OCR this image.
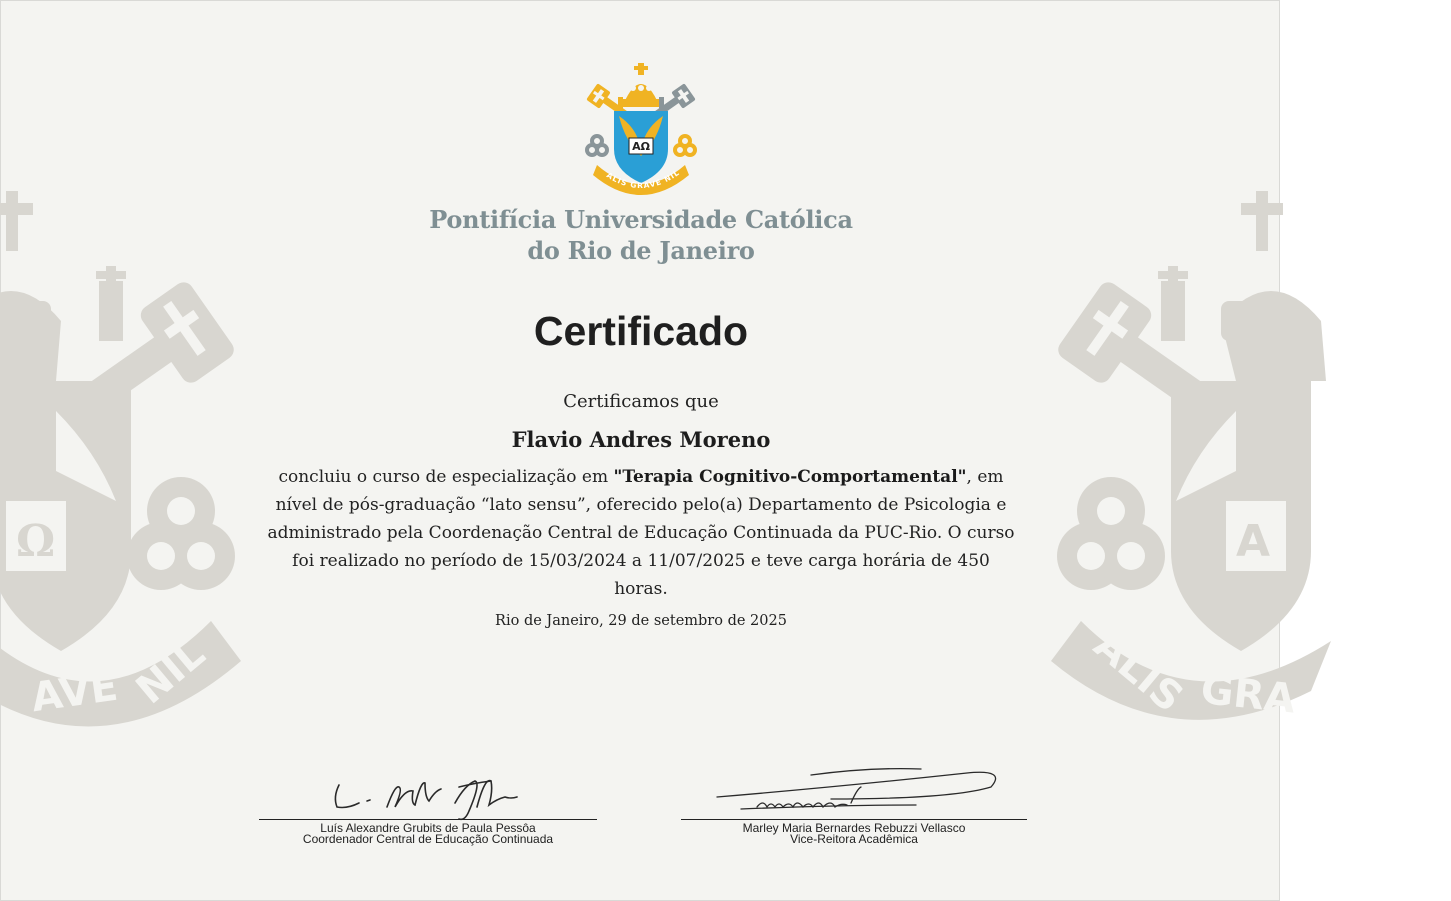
Ω
AVE NIL
A
ALIS GRA
AΩ
ALIS GRAVE NIL
Pontifícia Universidade Católica
do Rio de Janeiro
Certificado
Certificamos que
Flavio Andres Moreno
concluiu o curso de especialização em "Terapia Cognitivo-Comportamental", em nível de pós-graduação “lato sensu”, oferecido pelo(a) Departamento de Psicologia e administrado pela Coordenação Central de Educação Continuada da PUC-Rio. O curso foi realizado no período de 15/03/2024 a 11/07/2025 e teve carga horária de 450 horas.
Rio de Janeiro, 29 de setembro de 2025
Luís Alexandre Grubits de Paula Pessôa
Coordenador Central de Educação Continuada
Marley Maria Bernardes Rebuzzi Vellasco
Vice-Reitora Acadêmica
